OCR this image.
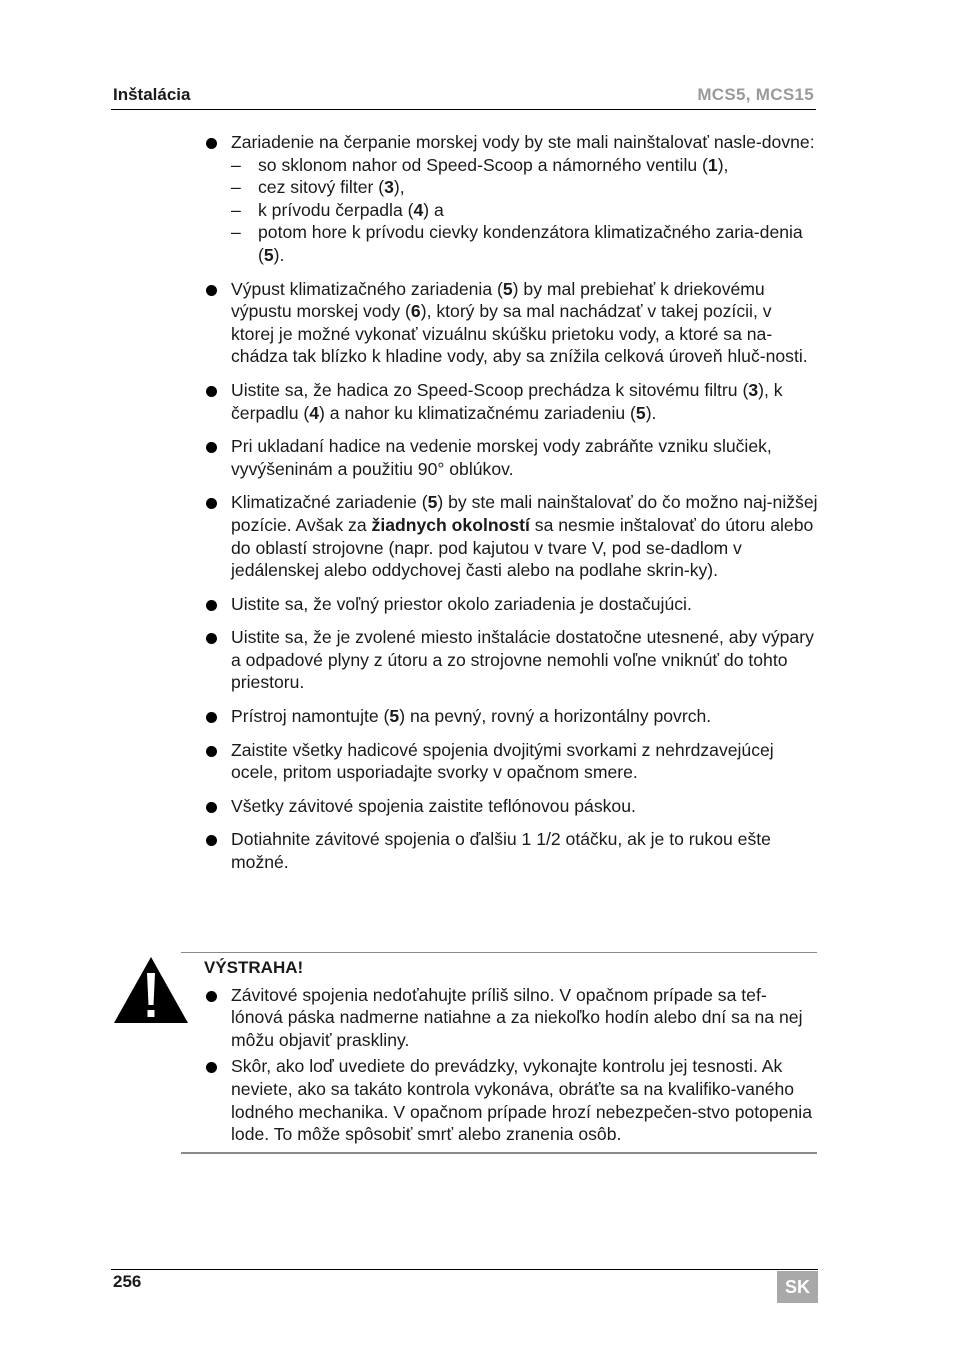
Inštalácia	MCS5, MCS15

Zariadenie na čerpanie morskej vody by ste mali nainštalovať nasle-dovne:

– so sklonom nahor od Speed-Scoop a námorného ventilu (1),
– cez sitový filter (3),
– k prívodu čerpadla (4) a
– potom hore k prívodu cievky kondenzátora klimatizačného zaria-denia (5).

Výpust klimatizačného zariadenia (5) by mal prebiehať k driekovému výpustu morskej vody (6), ktorý by sa mal nachádzať v takej pozícii, v ktorej je možné vykonať vizuálnu skúšku prietoku vody, a ktoré sa na-chádza tak blízko k hladine vody, aby sa znížila celková úroveň hluč-nosti.

Uistite sa, že hadica zo Speed-Scoop prechádza k sitovému filtru (3), k čerpadlu (4) a nahor ku klimatizačnému zariadeniu (5).

Pri ukladaní hadice na vedenie morskej vody zabráňte vzniku slučiek, vyvýšeninám a použitiu 90° oblúkov.

Klimatizačné zariadenie (5) by ste mali nainštalovať do čo možno naj-nižšej pozície. Avšak za žiadnych okolností sa nesmie inštalovať do útoru alebo do oblastí strojovne (napr. pod kajutou v tvare V, pod se-dadlom v jedálenskej alebo oddychovej časti alebo na podlahe skrin-ky).

Uistite sa, že voľný priestor okolo zariadenia je dostačujúci.

Uistite sa, že je zvolené miesto inštalácie dostatočne utesnené, aby výpary a odpadové plyny z útoru a zo strojovne nemohli voľne vniknúť do tohto priestoru.

Prístroj namontujte (5) na pevný, rovný a horizontálny povrch.

Zaistite všetky hadicové spojenia dvojitými svorkami z nehrdzavejúcej ocele, pritom usporiadajte svorky v opačnom smere.

Všetky závitové spojenia zaistite teflónovou páskou.

Dotiahnite závitové spojenia o ďalšiu 1 1/2 otáčku, ak je to rukou ešte možné.

VÝSTRAHA!

Závitové spojenia nedoťahujte príliš silno. V opačnom prípade sa tef-lónová páska nadmerne natiahne a za niekoľko hodín alebo dní sa na nej môžu objaviť praskliny.

Skôr, ako loď uvediete do prevádzky, vykonajte kontrolu jej tesnosti. Ak neviete, ako sa takáto kontrola vykonáva, obráťte sa na kvalifiko-vaného lodného mechanika. V opačnom prípade hrozí nebezpečen-stvo potopenia lode. To môže spôsobiť smrť alebo zranenia osôb.

256	SK
